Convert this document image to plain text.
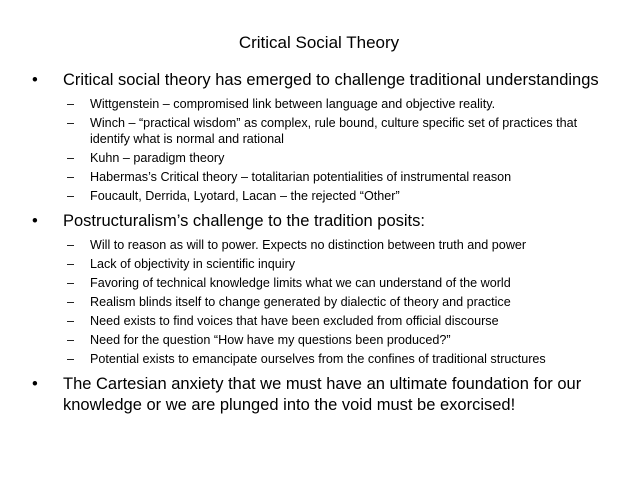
Critical Social Theory
• Critical social theory has emerged to challenge traditional understandings
– Wittgenstein – compromised link between language and objective reality.
– Winch – “practical wisdom” as complex, rule bound, culture specific set of practices that identify what is normal and rational
– Kuhn – paradigm theory
– Habermas’s Critical theory – totalitarian potentialities of instrumental reason
– Foucault, Derrida, Lyotard, Lacan – the rejected “Other”
• Postructuralism’s challenge to the tradition posits:
– Will to reason as will to power. Expects no distinction between truth and power
– Lack of objectivity in scientific inquiry
– Favoring of technical knowledge limits what we can understand of the world
– Realism blinds itself to change generated by dialectic of theory and practice
– Need exists to find voices that have been excluded from official discourse
– Need for the question “How have my questions been produced?”
– Potential exists to emancipate ourselves from the confines of traditional structures
• The Cartesian anxiety that we must have an ultimate foundation for our knowledge or we are plunged into the void must be exorcised!
